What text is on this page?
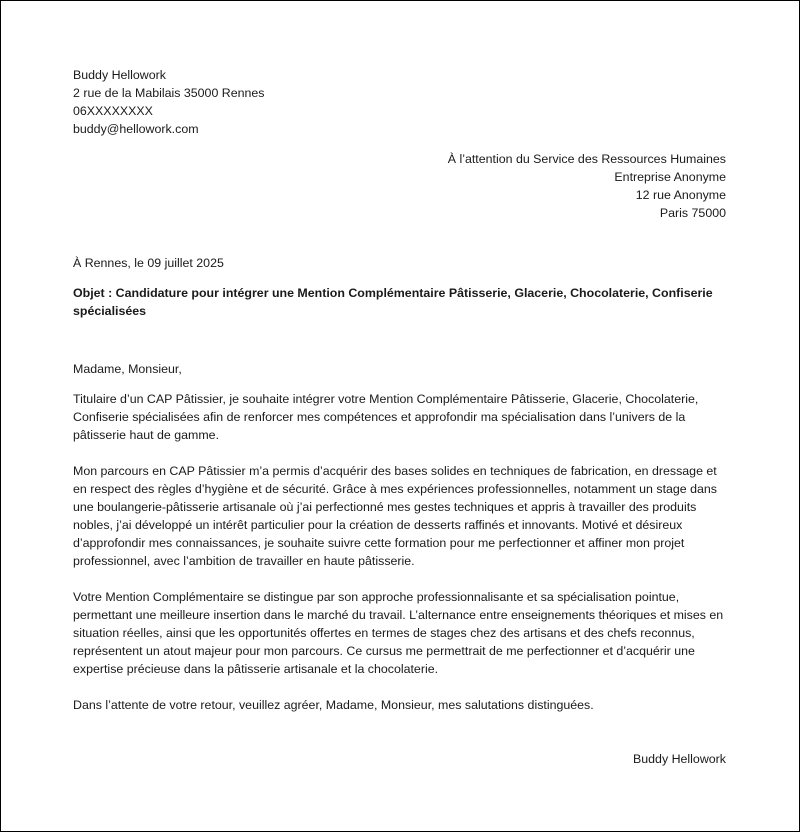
Buddy Hellowork
2 rue de la Mabilais 35000 Rennes
06XXXXXXXX
buddy@hellowork.com
À l’attention du Service des Ressources Humaines
Entreprise Anonyme
12 rue Anonyme
Paris 75000
À Rennes, le 09 juillet 2025
Objet : Candidature pour intégrer une Mention Complémentaire Pâtisserie, Glacerie, Chocolaterie, Confiserie spécialisées
Madame, Monsieur,

Titulaire d’un CAP Pâtissier, je souhaite intégrer votre Mention Complémentaire Pâtisserie, Glacerie, Chocolaterie, Confiserie spécialisées afin de renforcer mes compétences et approfondir ma spécialisation dans l’univers de la pâtisserie haut de gamme.

Mon parcours en CAP Pâtissier m’a permis d’acquérir des bases solides en techniques de fabrication, en dressage et en respect des règles d’hygiène et de sécurité. Grâce à mes expériences professionnelles, notamment un stage dans une boulangerie-pâtisserie artisanale où j’ai perfectionné mes gestes techniques et appris à travailler des produits nobles, j’ai développé un intérêt particulier pour la création de desserts raffinés et innovants. Motivé et désireux d’approfondir mes connaissances, je souhaite suivre cette formation pour me perfectionner et affiner mon projet professionnel, avec l’ambition de travailler en haute pâtisserie.

Votre Mention Complémentaire se distingue par son approche professionnalisante et sa spécialisation pointue, permettant une meilleure insertion dans le marché du travail. L’alternance entre enseignements théoriques et mises en situation réelles, ainsi que les opportunités offertes en termes de stages chez des artisans et des chefs reconnus, représentent un atout majeur pour mon parcours. Ce cursus me permettrait de me perfectionner et d’acquérir une expertise précieuse dans la pâtisserie artisanale et la chocolaterie.

Dans l’attente de votre retour, veuillez agréer, Madame, Monsieur, mes salutations distinguées.

Buddy Hellowork
